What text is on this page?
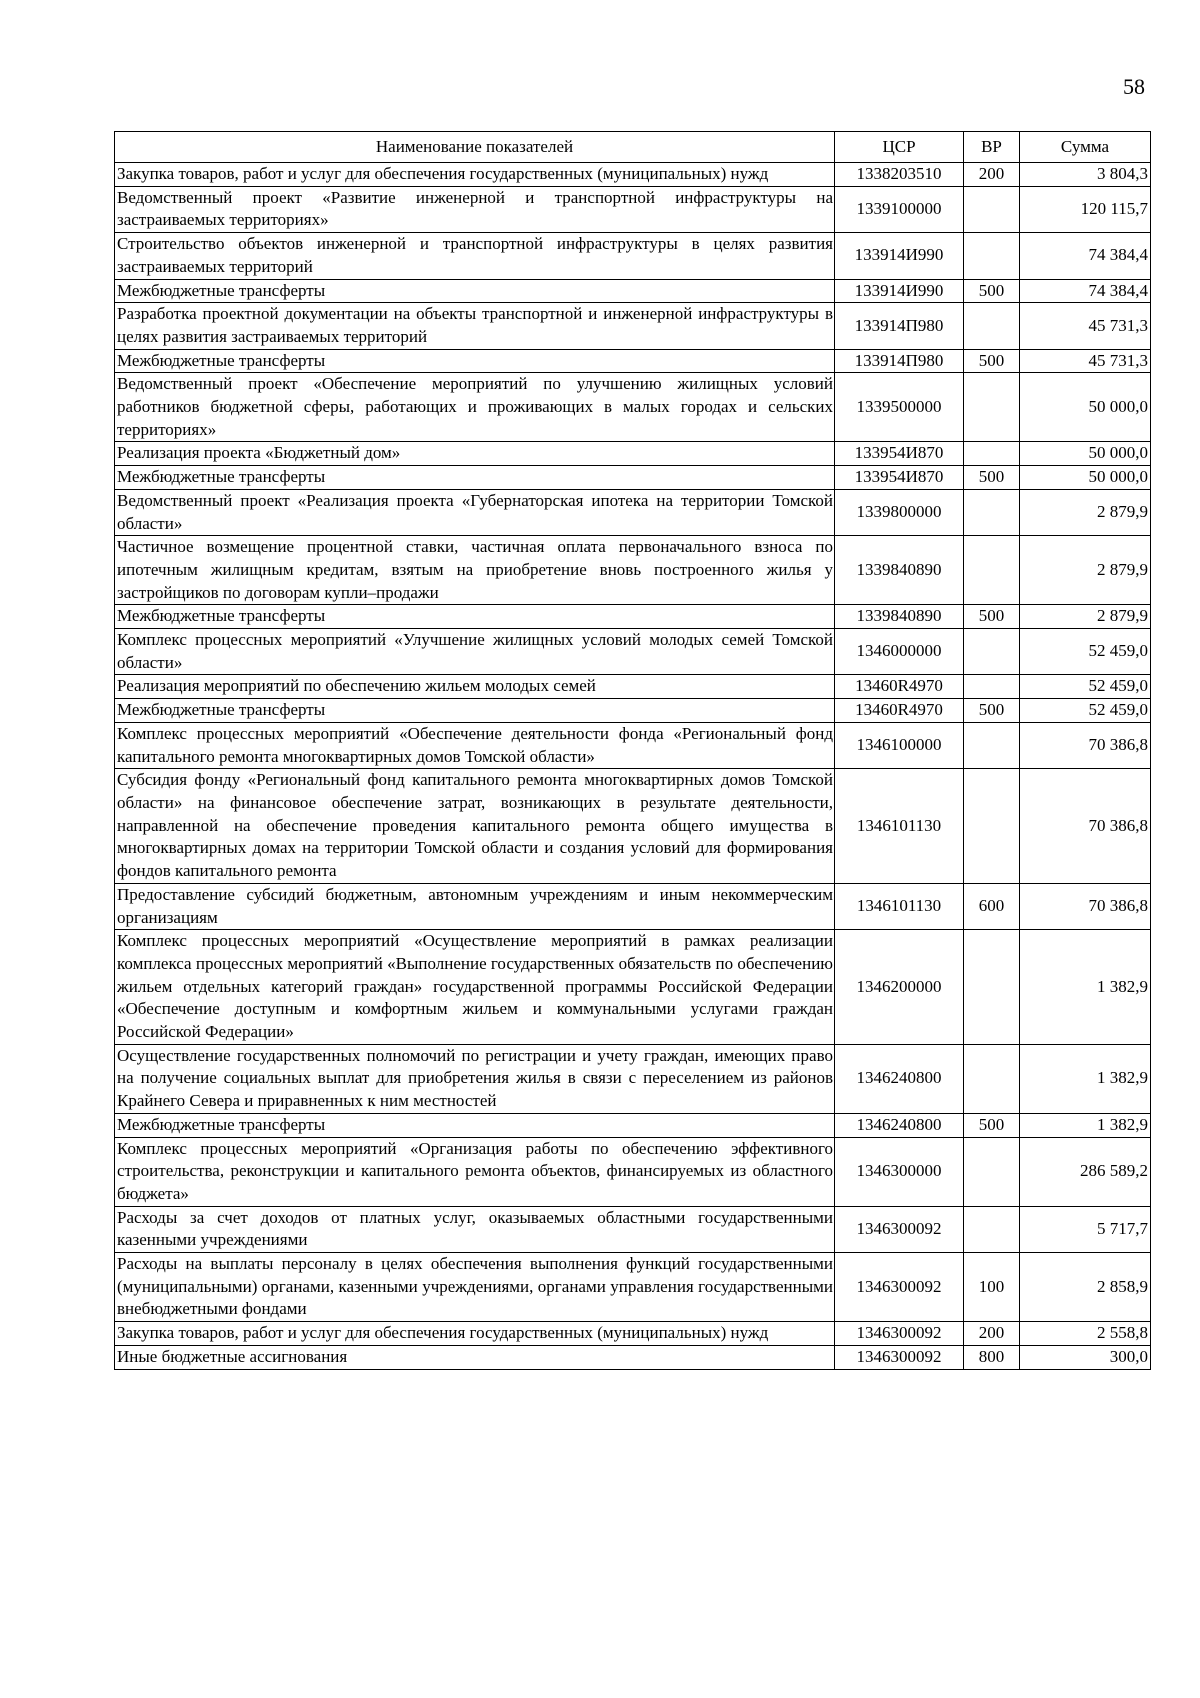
58
Наименование показателей	ЦСР	ВР	Сумма
Закупка товаров, работ и услуг для обеспечения государственных (муниципальных) нужд	1338203510	200	3 804,3
Ведомственный проект «Развитие инженерной и транспортной инфраструктуры на застраиваемых территориях»	1339100000		120 115,7
Строительство объектов инженерной и транспортной инфраструктуры в целях развития застраиваемых территорий	133914И990		74 384,4
Межбюджетные трансферты	133914И990	500	74 384,4
Разработка проектной документации на объекты транспортной и инженерной инфраструктуры в целях развития застраиваемых территорий	133914П980		45 731,3
Межбюджетные трансферты	133914П980	500	45 731,3
Ведомственный проект «Обеспечение мероприятий по улучшению жилищных условий работников бюджетной сферы, работающих и проживающих в малых городах и сельских территориях»	1339500000		50 000,0
Реализация проекта «Бюджетный дом»	133954И870		50 000,0
Межбюджетные трансферты	133954И870	500	50 000,0
Ведомственный проект «Реализация проекта «Губернаторская ипотека на территории Томской области»	1339800000		2 879,9
Частичное возмещение процентной ставки, частичная оплата первоначального взноса по ипотечным жилищным кредитам, взятым на приобретение вновь построенного жилья у застройщиков по договорам купли–продажи	1339840890		2 879,9
Межбюджетные трансферты	1339840890	500	2 879,9
Комплекс процессных мероприятий «Улучшение жилищных условий молодых семей Томской области»	1346000000		52 459,0
Реализация мероприятий по обеспечению жильем молодых семей	13460R4970		52 459,0
Межбюджетные трансферты	13460R4970	500	52 459,0
Комплекс процессных мероприятий «Обеспечение деятельности фонда «Региональный фонд капитального ремонта многоквартирных домов Томской области»	1346100000		70 386,8
Субсидия фонду «Региональный фонд капитального ремонта многоквартирных домов Томской области» на финансовое обеспечение затрат, возникающих в результате деятельности, направленной на обеспечение проведения капитального ремонта общего имущества в многоквартирных домах на территории Томской области и создания условий для формирования фондов капитального ремонта	1346101130		70 386,8
Предоставление субсидий бюджетным, автономным учреждениям и иным некоммерческим организациям	1346101130	600	70 386,8
Комплекс процессных мероприятий «Осуществление мероприятий в рамках реализации комплекса процессных мероприятий «Выполнение государственных обязательств по обеспечению жильем отдельных категорий граждан» государственной программы Российской Федерации «Обеспечение доступным и комфортным жильем и коммунальными услугами граждан Российской Федерации»	1346200000		1 382,9
Осуществление государственных полномочий по регистрации и учету граждан, имеющих право на получение социальных выплат для приобретения жилья в связи с переселением из районов Крайнего Севера и приравненных к ним местностей	1346240800		1 382,9
Межбюджетные трансферты	1346240800	500	1 382,9
Комплекс процессных мероприятий «Организация работы по обеспечению эффективного строительства, реконструкции и капитального ремонта объектов, финансируемых из областного бюджета»	1346300000		286 589,2
Расходы за счет доходов от платных услуг, оказываемых областными государственными казенными учреждениями	1346300092		5 717,7
Расходы на выплаты персоналу в целях обеспечения выполнения функций государственными (муниципальными) органами, казенными учреждениями, органами управления государственными внебюджетными фондами	1346300092	100	2 858,9
Закупка товаров, работ и услуг для обеспечения государственных (муниципальных) нужд	1346300092	200	2 558,8
Иные бюджетные ассигнования	1346300092	800	300,0
